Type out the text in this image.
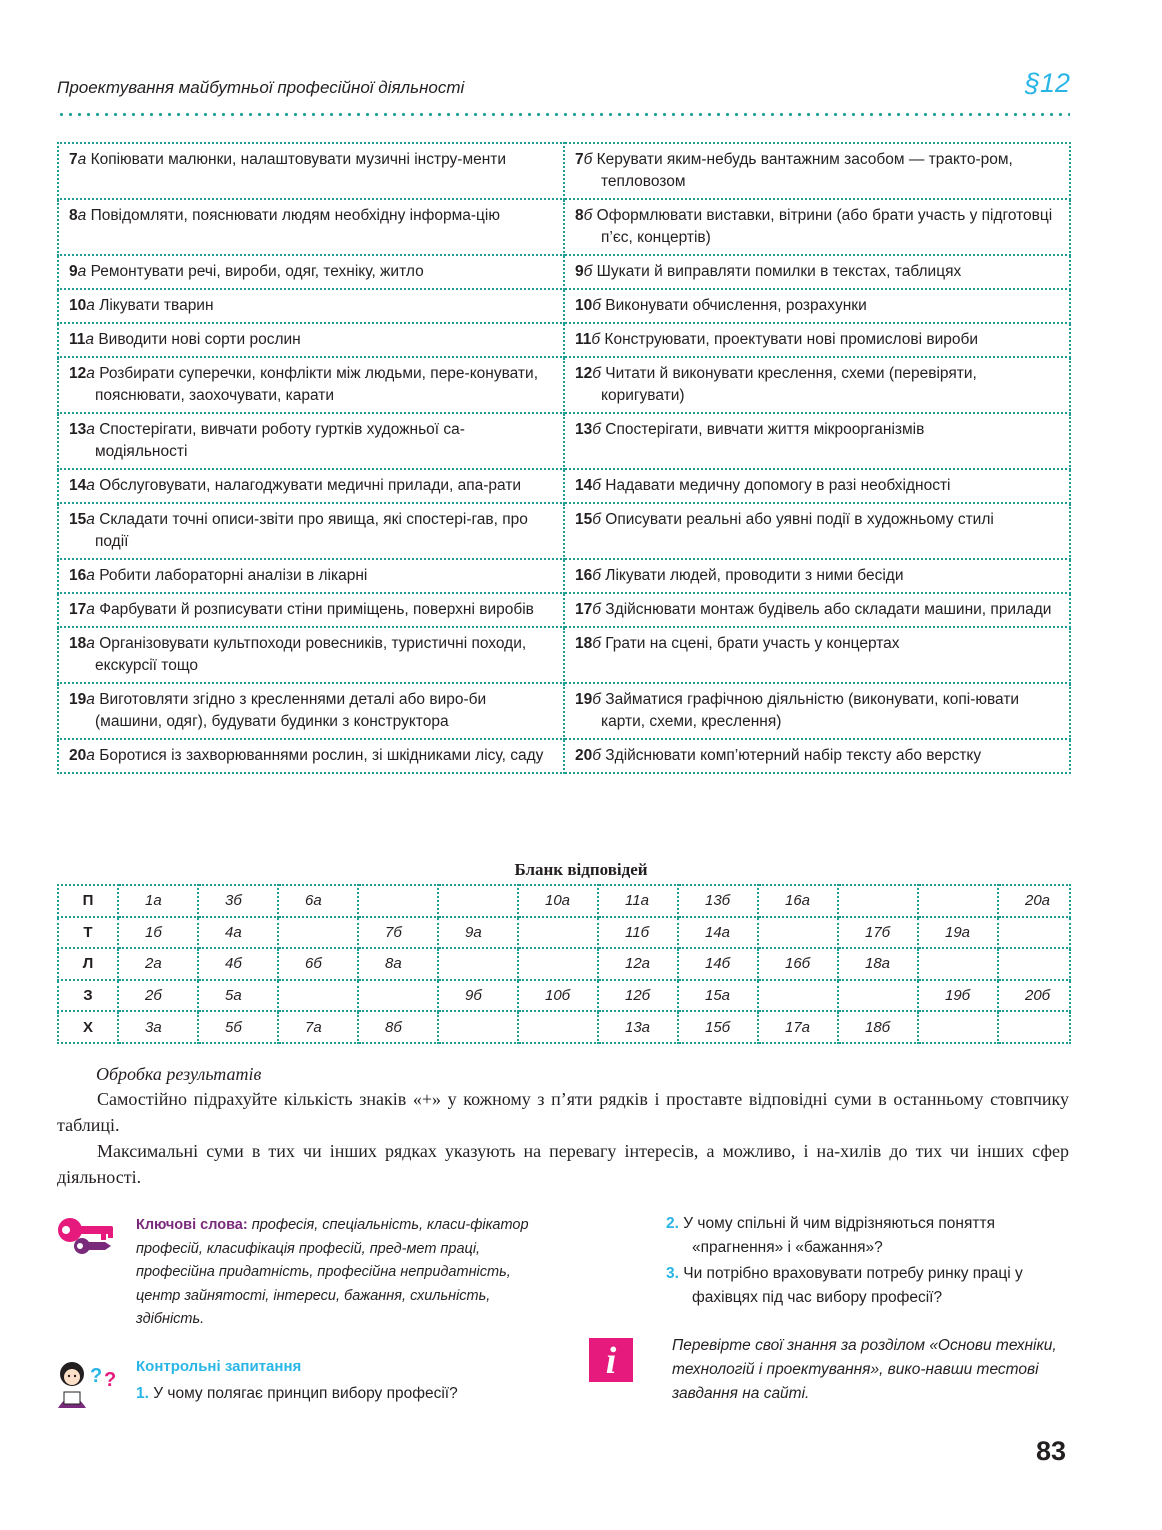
Проектування майбутньої професійної діяльності	§12
7а Копіювати малюнки, налаштовувати музичні інстру-менти	7б Керувати яким-небудь вантажним засобом — тракто-ром, тепловозом

8а Повідомляти, пояснювати людям необхідну інформа-цію	8б Оформлювати виставки, вітрини (або брати участь у підготовці п’єс, концертів)

9а Ремонтувати речі, вироби, одяг, техніку, житло	9б Шукати й виправляти помилки в текстах, таблицях

10а Лікувати тварин	10б Виконувати обчислення, розрахунки

11а Виводити нові сорти рослин	11б Конструювати, проектувати нові промислові вироби

12а Розбирати суперечки, конфлікти між людьми, пере-конувати, пояснювати, заохочувати, карати	12б Читати й виконувати креслення, схеми (перевіряти, коригувати)

13а Спостерігати, вивчати роботу гуртків художньої са-модіяльності	13б Спостерігати, вивчати життя мікроорганізмів

14а Обслуговувати, налагоджувати медичні прилади, апа-рати	14б Надавати медичну допомогу в разі необхідності

15а Складати точні описи-звіти про явища, які спостері-гав, про події	15б Описувати реальні або уявні події в художньому стилі

16а Робити лабораторні аналізи в лікарні	16б Лікувати людей, проводити з ними бесіди

17а Фарбувати й розписувати стіни приміщень, поверхні виробів	17б Здійснювати монтаж будівель або складати машини, прилади

18а Організовувати культпоходи ровесників, туристичні походи, екскурсії тощо	18б Грати на сцені, брати участь у концертах

19а Виготовляти згідно з кресленнями деталі або виро-би (машини, одяг), будувати будинки з конструктора	19б Займатися графічною діяльністю (виконувати, копі-ювати карти, схеми, креслення)

20а Боротися із захворюваннями рослин, зі шкідниками лісу, саду	20б Здійснювати комп’ютерний набір тексту або верстку
Бланк відповідей
П	1а	3б	6а			10а	11а	13б	16а			20а
Т	1б	4а		7б	9а		11б	14а		17б	19а	
Л	2а	4б	6б	8а			12а	14б	16б	18а		
З	2б	5а			9б	10б	12б	15а			19б	20б
Х	3а	5б	7а	8б			13а	15б	17а	18б		
Обробка результатів

Самостійно підрахуйте кількість знаків «+» у кожному з п’яти рядків і проставте відповідні суми в останньому стовпчику таблиці.

Максимальні суми в тих чи інших рядках указують на перевагу інтересів, а можливо, і на-хилів до тих чи інших сфер діяльності.

Ключові слова: професія, спеціальність, класи-фікатор професій, класифікація професій, пред-мет праці, професійна придатність, професійна непридатність, центр зайнятості, інтереси, бажання, схильність, здібність.
? ?
Контрольні запитання
1. У чому полягає принцип вибору професії?
2. У чому спільні й чим відрізняються поняття «прагнення» і «бажання»?
3. Чи потрібно враховувати потребу ринку праці у фахівцях під час вибору професії?
i	Перевірте свої знання за розділом «Основи техніки, технологій і проектування», вико-навши тестові завдання на сайті.
83
